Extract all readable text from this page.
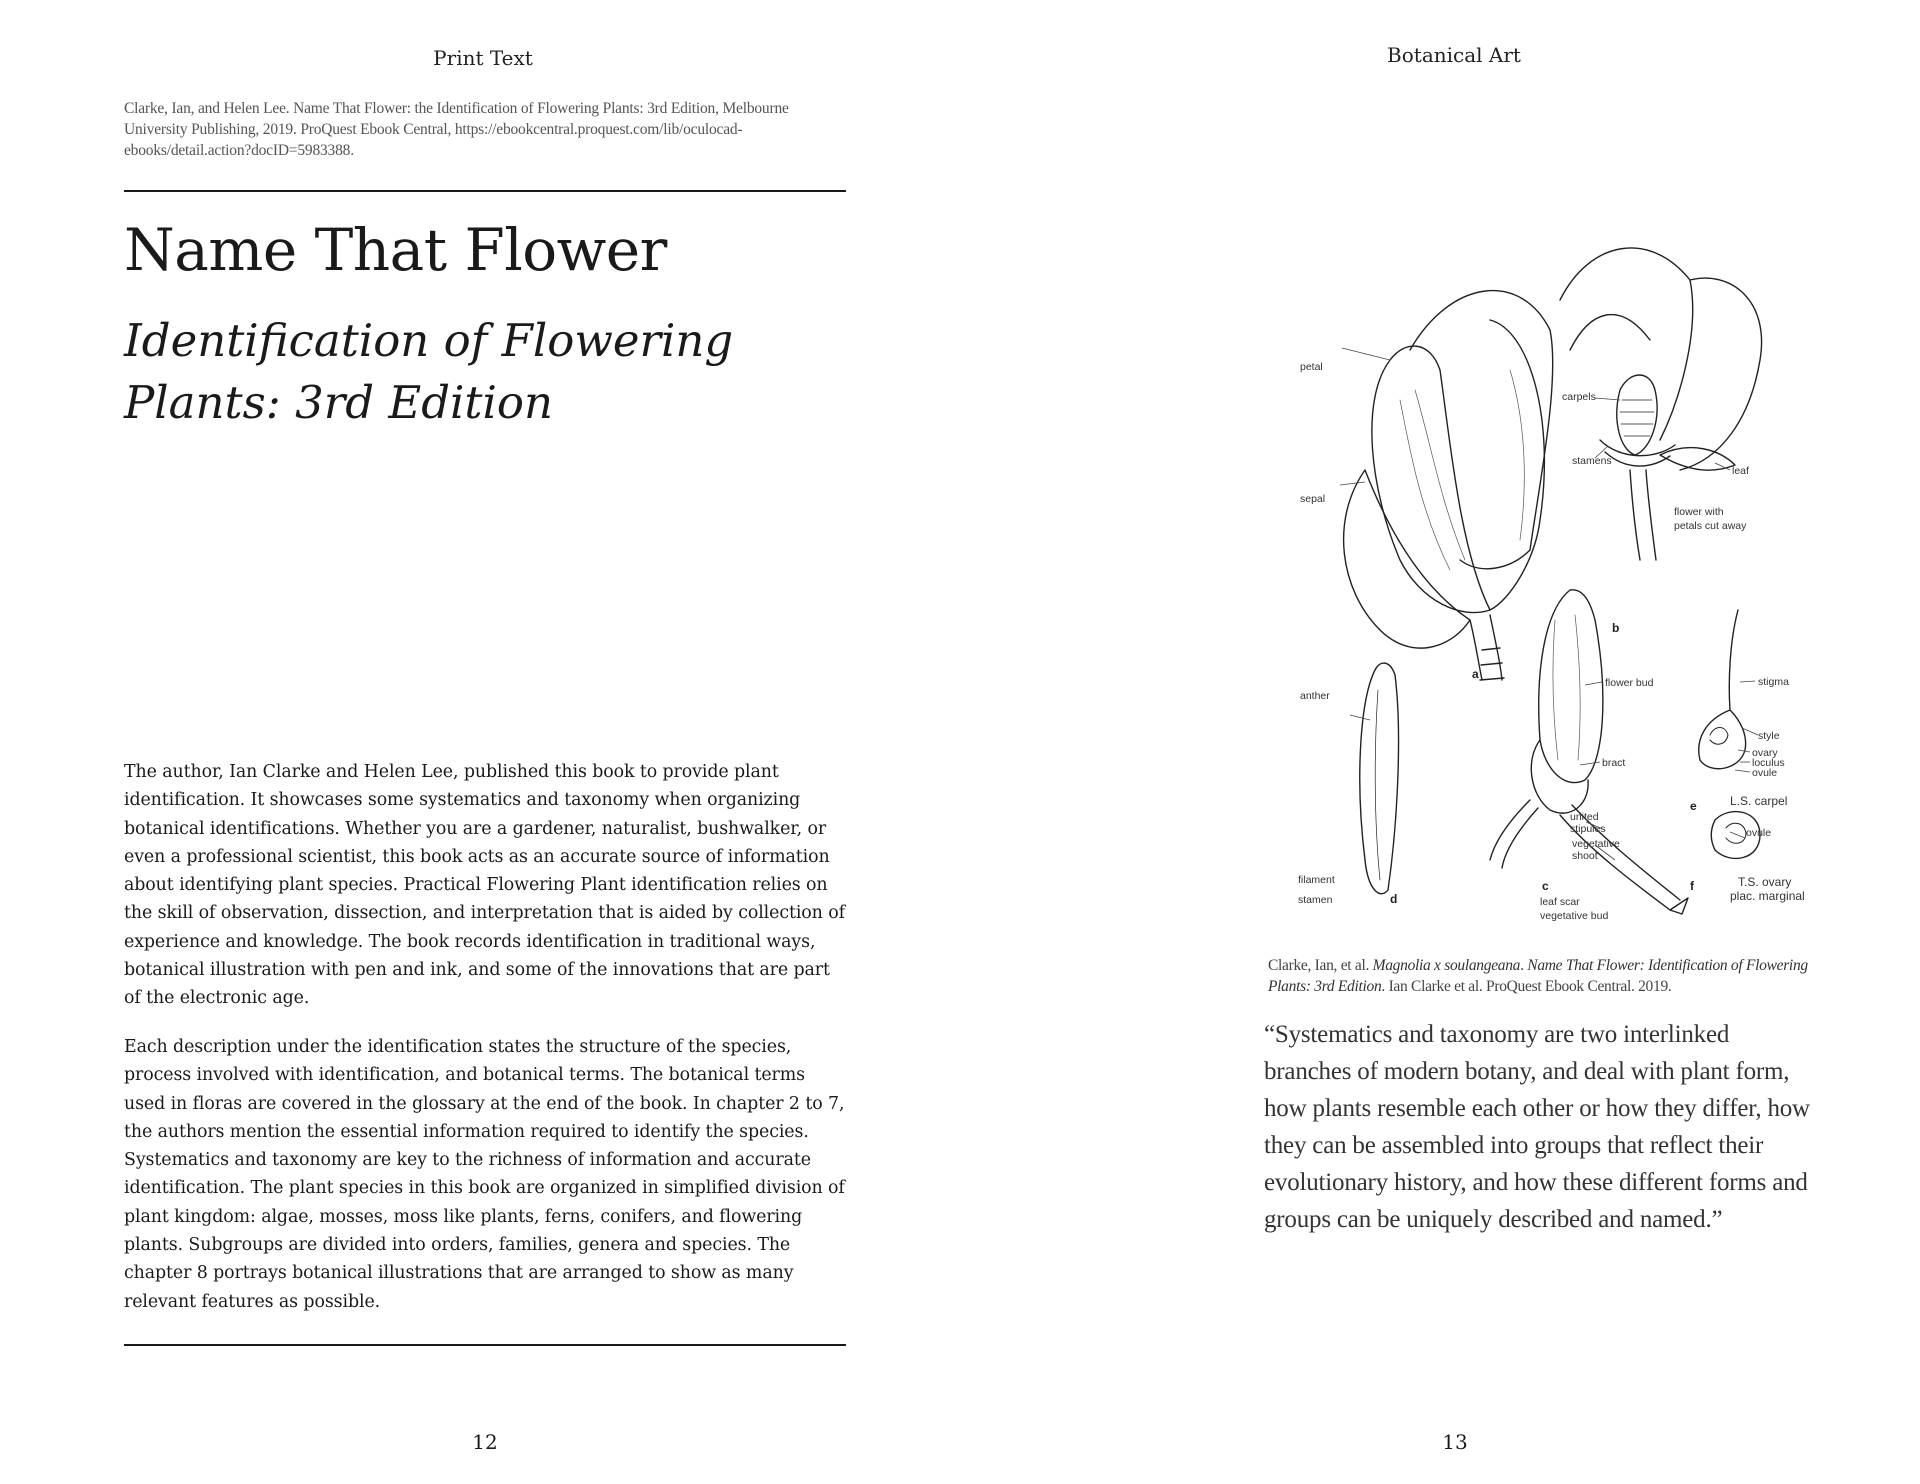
Print Text
Clarke, Ian, and Helen Lee. Name That Flower: the Identification of Flowering Plants: 3rd Edition, Melbourne University Publishing, 2019. ProQuest Ebook Central, https://ebookcentral.proquest.com/lib/oculocad-ebooks/detail.action?docID=5983388.
Name That Flower
Identification of Flowering Plants: 3rd Edition

The author, Ian Clarke and Helen Lee, published this book to provide plant identification. It showcases some systematics and taxonomy when organizing botanical identifications. Whether you are a gardener, naturalist, bushwalker, or even a professional scientist, this book acts as an accurate source of information about identifying plant species. Practical Flowering Plant identification relies on the skill of observation, dissection, and interpretation that is aided by collection of experience and knowledge. The book records identification in traditional ways, botanical illustration with pen and ink, and some of the innovations that are part of the electronic age.

Each description under the identification states the structure of the species, process involved with identification, and botanical terms. The botanical terms used in floras are covered in the glossary at the end of the book. In chapter 2 to 7, the authors mention the essential information required to identify the species. Systematics and taxonomy are key to the richness of information and accurate identification. The plant species in this book are organized in simplified division of plant kingdom: algae, mosses, moss like plants, ferns, conifers, and flowering plants. Subgroups are divided into orders, families, genera and species. The chapter 8 portrays botanical illustrations that are arranged to show as many relevant features as possible.

12
Botanical Art
petal
carpels
stamens
leaf
sepal
flower with
petals cut away
anther
flower bud	stigma
style
ovary
loculus
ovule
bract
united
stipules
vegetative
shoot
L.S. carpel
ovule
filament
stamen	leaf scar
vegetative bud
T.S. ovary
plac. marginal
a
b
c
d
e
f
Clarke, Ian, et al. Magnolia x soulangeana. Name That Flower: Identification of Flowering Plants: 3rd Edition. Ian Clarke et al. ProQuest Ebook Central. 2019.

“Systematics and taxonomy are two interlinked branches of modern botany, and deal with plant form, how plants resemble each other or how they differ, how they can be assembled into groups that reflect their evolutionary history, and how these different forms and groups can be uniquely described and named.”

13
